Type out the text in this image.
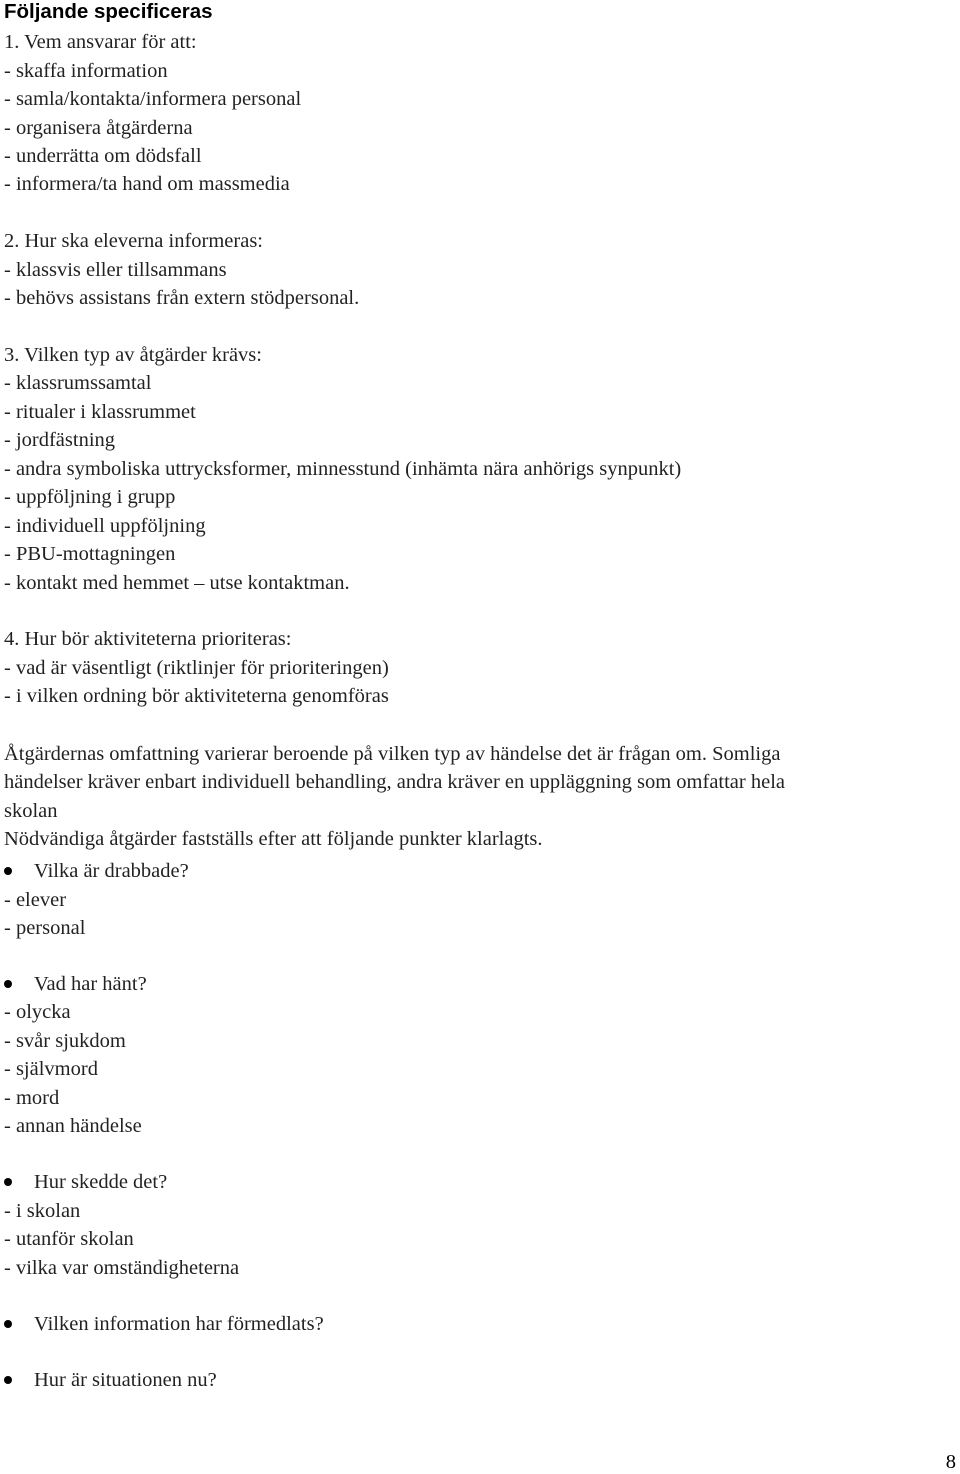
Följande specificeras
1. Vem ansvarar för att:
- skaffa information
- samla/kontakta/informera personal
- organisera åtgärderna
- underrätta om dödsfall
- informera/ta hand om massmedia
2. Hur ska eleverna informeras:
- klassvis eller tillsammans
- behövs assistans från extern stödpersonal.
3. Vilken typ av åtgärder krävs:
- klassrumssamtal
- ritualer i klassrummet
- jordfästning
- andra symboliska uttrycksformer, minnesstund (inhämta nära anhörigs synpunkt)
- uppföljning i grupp
- individuell uppföljning
- PBU-mottagningen
- kontakt med hemmet – utse kontaktman.
4. Hur bör aktiviteterna prioriteras:
- vad är väsentligt (riktlinjer för prioriteringen)
- i vilken ordning bör aktiviteterna genomföras
Åtgärdernas omfattning varierar beroende på vilken typ av händelse det är frågan om. Somliga
händelser kräver enbart individuell behandling, andra kräver en uppläggning som omfattar hela
skolan
Nödvändiga åtgärder fastställs efter att följande punkter klarlagts.
Vilka är drabbade?
- elever
- personal
Vad har hänt?
- olycka
- svår sjukdom
- självmord
- mord
- annan händelse
Hur skedde det?
- i skolan
- utanför skolan
- vilka var omständigheterna
Vilken information har förmedlats?
Hur är situationen nu?
8
